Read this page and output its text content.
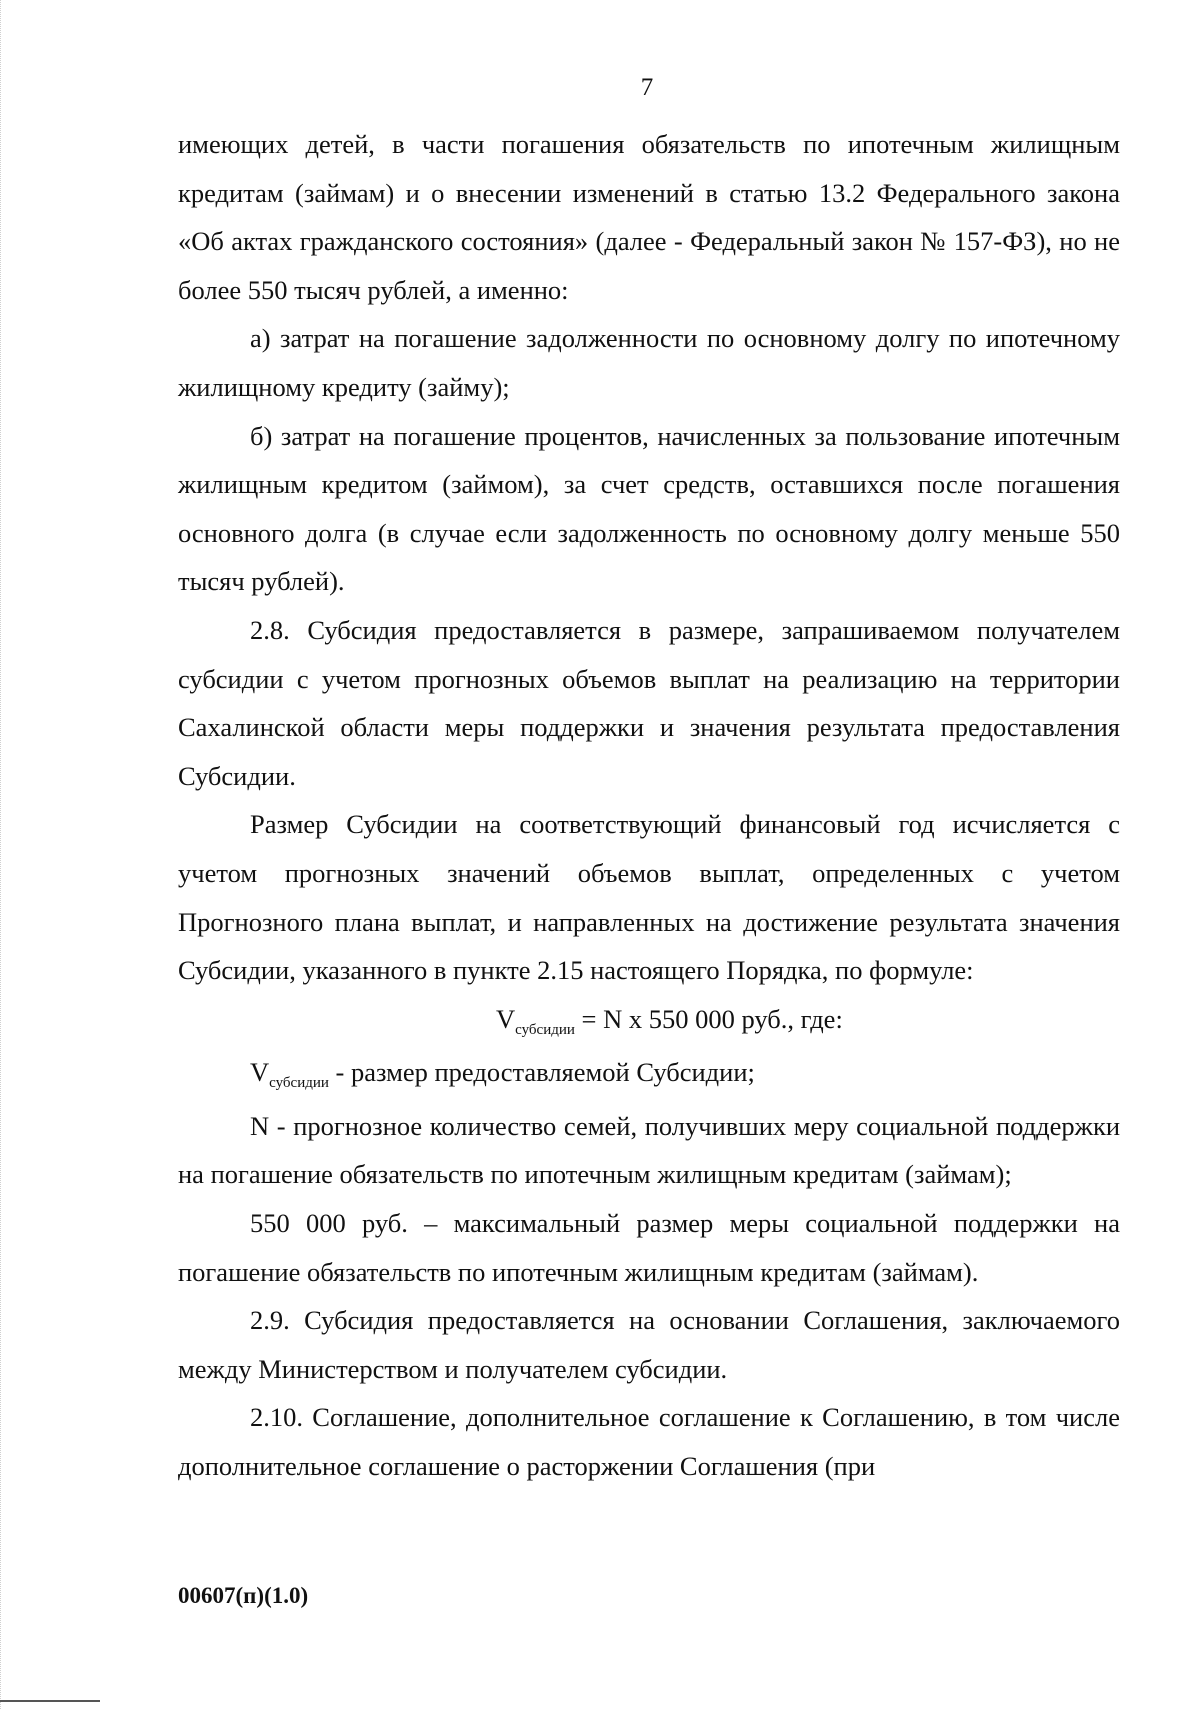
7

имеющих детей, в части погашения обязательств по ипотечным жилищным кредитам (займам) и о внесении изменений в статью 13.2 Федерального закона «Об актах гражданского состояния» (далее - Федеральный закон № 157-ФЗ), но не более 550 тысяч рублей, а именно:

а) затрат на погашение задолженности по основному долгу по ипотечному жилищному кредиту (займу);

б) затрат на погашение процентов, начисленных за пользование ипотечным жилищным кредитом (займом), за счет средств, оставшихся после погашения основного долга (в случае если задолженность по основному долгу меньше 550 тысяч рублей).

2.8. Субсидия предоставляется в размере, запрашиваемом получателем субсидии с учетом прогнозных объемов выплат на реализацию на территории Сахалинской области меры поддержки и значения результата предоставления Субсидии.

Размер Субсидии на соответствующий финансовый год исчисляется с учетом прогнозных значений объемов выплат, определенных с учетом Прогнозного плана выплат, и направленных на достижение результата значения Субсидии, указанного в пункте 2.15 настоящего Порядка, по формуле:

$V_{субсидии} = N$ x 550 000 руб., где:

$V_{субсидии}$ - размер предоставляемой Субсидии;

N - прогнозное количество семей, получивших меру социальной поддержки на погашение обязательств по ипотечным жилищным кредитам (займам);

550 000 руб. – максимальный размер меры социальной поддержки на погашение обязательств по ипотечным жилищным кредитам (займам).

2.9. Субсидия предоставляется на основании Соглашения, заключаемого между Министерством и получателем субсидии.

2.10. Соглашение, дополнительное соглашение к Соглашению, в том числе дополнительное соглашение о расторжении Соглашения (при

00607(п)(1.0)
